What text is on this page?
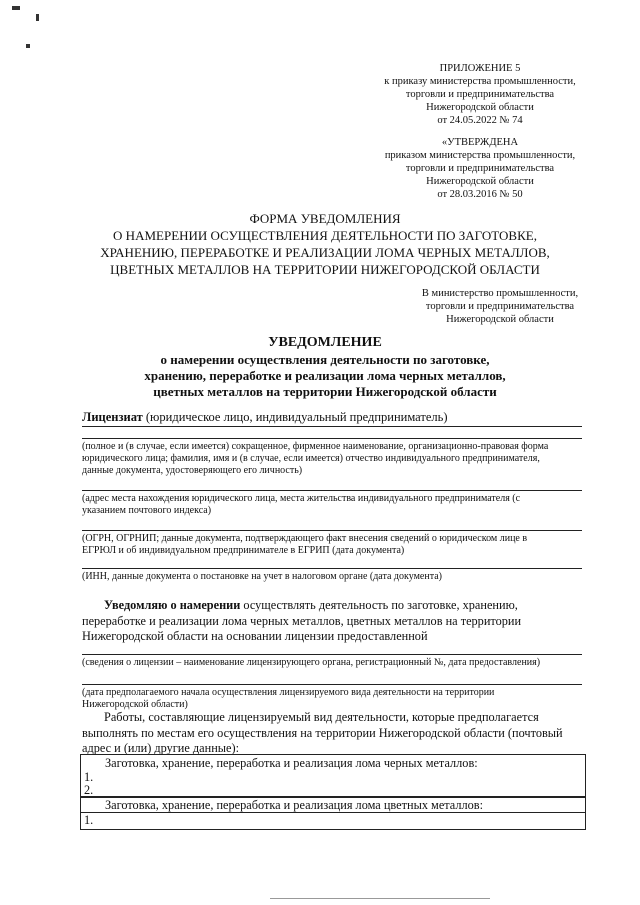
ПРИЛОЖЕНИЕ 5
к приказу министерства промышленности,
торговли и предпринимательства
Нижегородской области
от 24.05.2022 № 74
«УТВЕРЖДЕНА
приказом министерства промышленности,
торговли и предпринимательства
Нижегородской области
от 28.03.2016 № 50
ФОРМА УВЕДОМЛЕНИЯ
О НАМЕРЕНИИ ОСУЩЕСТВЛЕНИЯ ДЕЯТЕЛЬНОСТИ ПО ЗАГОТОВКЕ,
ХРАНЕНИЮ, ПЕРЕРАБОТКЕ И РЕАЛИЗАЦИИ ЛОМА ЧЕРНЫХ МЕТАЛЛОВ,
ЦВЕТНЫХ МЕТАЛЛОВ НА ТЕРРИТОРИИ НИЖЕГОРОДСКОЙ ОБЛАСТИ
В министерство промышленности,
торговли и предпринимательства
Нижегородской области
УВЕДОМЛЕНИЕ
о намерении осуществления деятельности по заготовке,
хранению, переработке и реализации лома черных металлов,
цветных металлов на территории Нижегородской области
Лицензиат (юридическое лицо, индивидуальный предприниматель)
(полное и (в случае, если имеется) сокращенное, фирменное наименование, организационно-правовая форма
юридического лица; фамилия, имя и (в случае, если имеется) отчество индивидуального предпринимателя,
данные документа, удостоверяющего его личность)
(адрес места нахождения юридического лица, места жительства индивидуального предпринимателя (с
указанием почтового индекса)
(ОГРН, ОГРНИП; данные документа, подтверждающего факт внесения сведений о юридическом лице в
ЕГРЮЛ и об индивидуальном предпринимателе в ЕГРИП (дата документа)
(ИНН, данные документа о постановке на учет в налоговом органе (дата документа)
Уведомляю о намерении осуществлять деятельность по заготовке, хранению,
переработке и реализации лома черных металлов, цветных металлов на территории
Нижегородской области на основании лицензии предоставленной
(сведения о лицензии – наименование лицензирующего органа, регистрационный №, дата предоставления)
(дата предполагаемого начала осуществления лицензируемого вида деятельности на территории
Нижегородской области)
Работы, составляющие лицензируемый вид деятельности, которые предполагается
выполнять по местам его осуществления на территории Нижегородской области (почтовый
адрес и (или) другие данные):
Заготовка, хранение, переработка и реализация лома черных металлов:
1.
2.
Заготовка, хранение, переработка и реализация лома цветных металлов:
1.
